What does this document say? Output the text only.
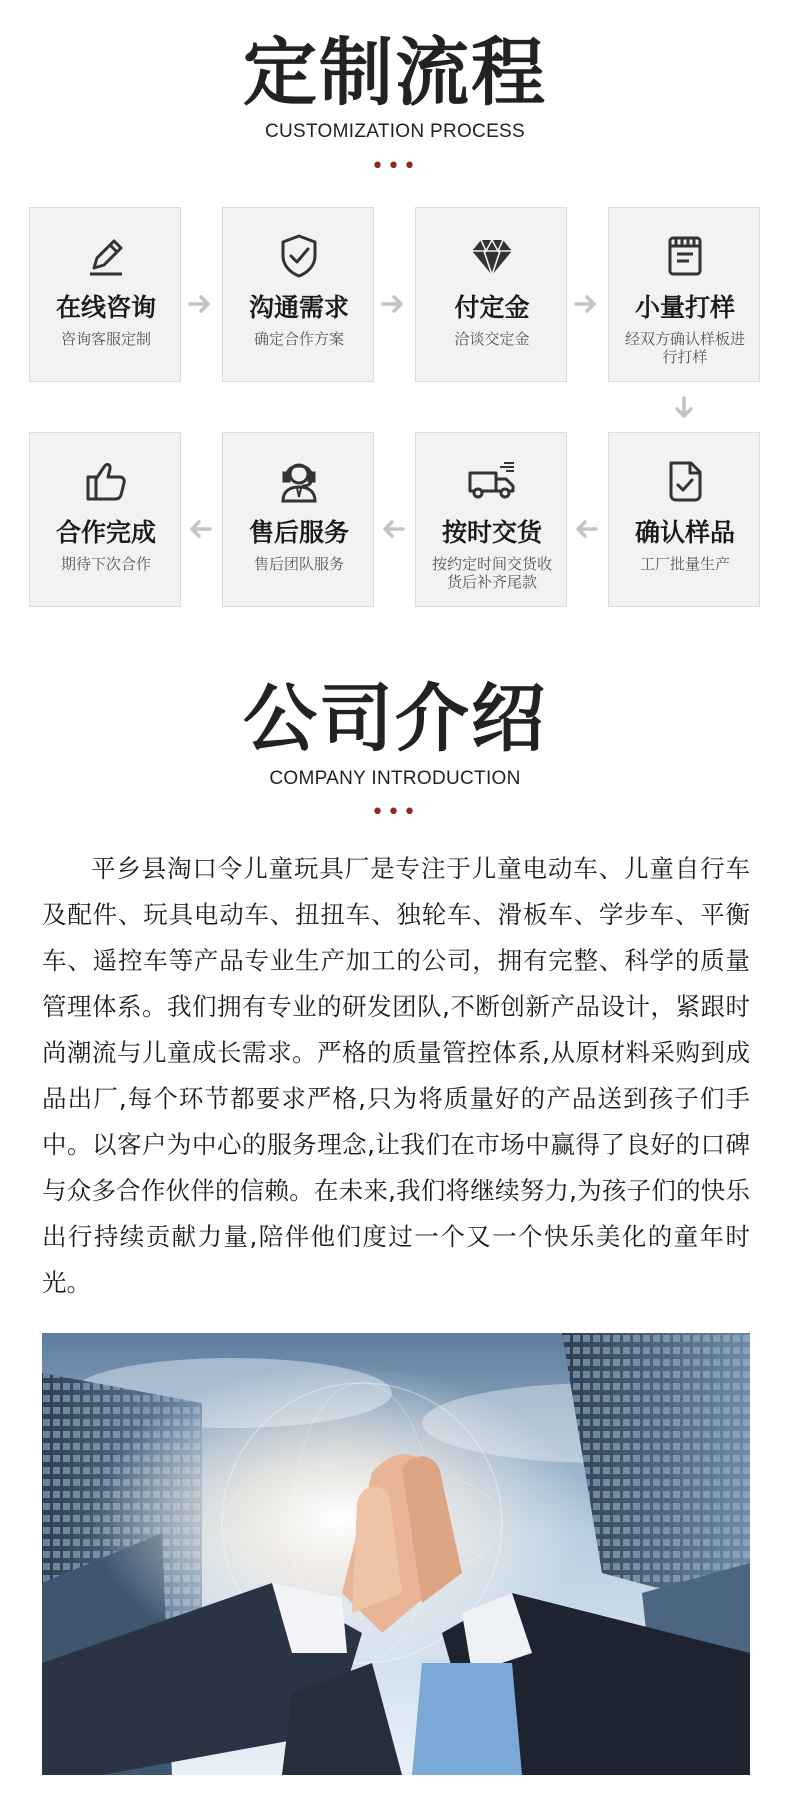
定制流程
CUSTOMIZATION PROCESS
•••
在线咨询
咨询客服定制
沟通需求
确定合作方案
付定金
洽谈交定金
小量打样
经双方确认样板进行打样
合作完成
期待下次合作
售后服务
售后团队服务
按时交货
按约定时间交货收货后补齐尾款
确认样品
工厂批量生产
公司介绍
COMPANY INTRODUCTION
•••

平乡县淘口令儿童玩具厂是专注于儿童电动车、儿童自行车及配件、玩具电动车、扭扭车、独轮车、滑板车、学步车、平衡车、遥控车等产品专业生产加工的公司，拥有完整、科学的质量管理体系。我们拥有专业的研发团队,不断创新产品设计，紧跟时尚潮流与儿童成长需求。严格的质量管控体系,从原材料采购到成品出厂,每个环节都要求严格,只为将质量好的产品送到孩子们手中。以客户为中心的服务理念,让我们在市场中赢得了良好的口碑与众多合作伙伴的信赖。在未来,我们将继续努力,为孩子们的快乐出行持续贡献力量,陪伴他们度过一个又一个快乐美化的童年时光。
